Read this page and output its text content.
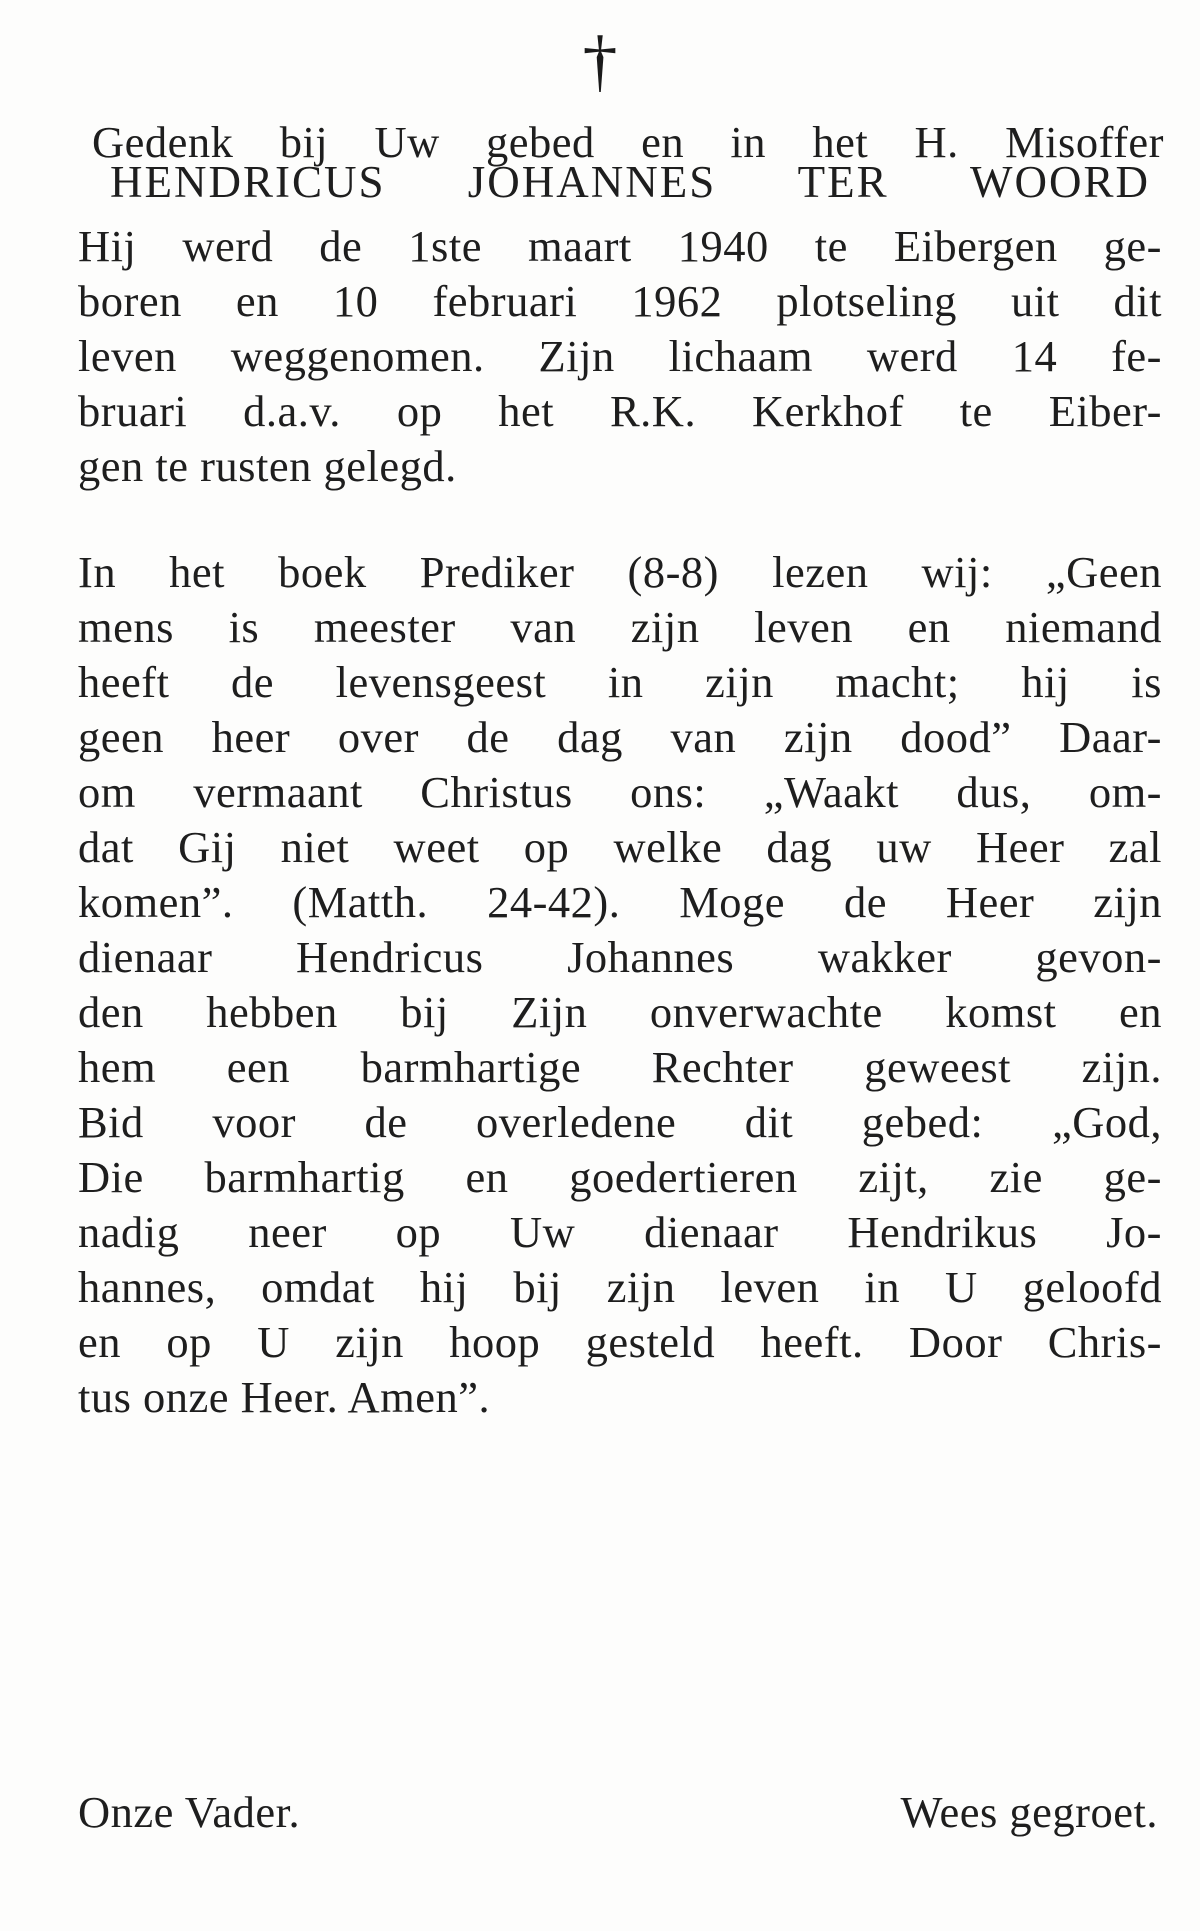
†

Gedenk bij Uw gebed en in het H. Misoffer

HENDRICUS JOHANNES TER WOORD

Hij werd de 1ste maart 1940 te Eibergen ge-

boren en 10 februari 1962 plotseling uit dit

leven weggenomen. Zijn lichaam werd 14 fe-

bruari d.a.v. op het R.K. Kerkhof te Eiber-

gen te rusten gelegd.

In het boek Prediker (8-8) lezen wij: „Geen

mens is meester van zijn leven en niemand

heeft de levensgeest in zijn macht; hij is

geen heer over de dag van zijn dood” Daar-

om vermaant Christus ons: „Waakt dus, om-

dat Gij niet weet op welke dag uw Heer zal

komen”. (Matth. 24-42). Moge de Heer zijn

dienaar Hendricus Johannes wakker gevon-

den hebben bij Zijn onverwachte komst en

hem een barmhartige Rechter geweest zijn.

Bid voor de overledene dit gebed: „God,

Die barmhartig en goedertieren zijt, zie ge-

nadig neer op Uw dienaar Hendrikus Jo-

hannes, omdat hij bij zijn leven in U geloofd

en op U zijn hoop gesteld heeft. Door Chris-

tus onze Heer. Amen”.

Onze Vader.	Wees gegroet.
